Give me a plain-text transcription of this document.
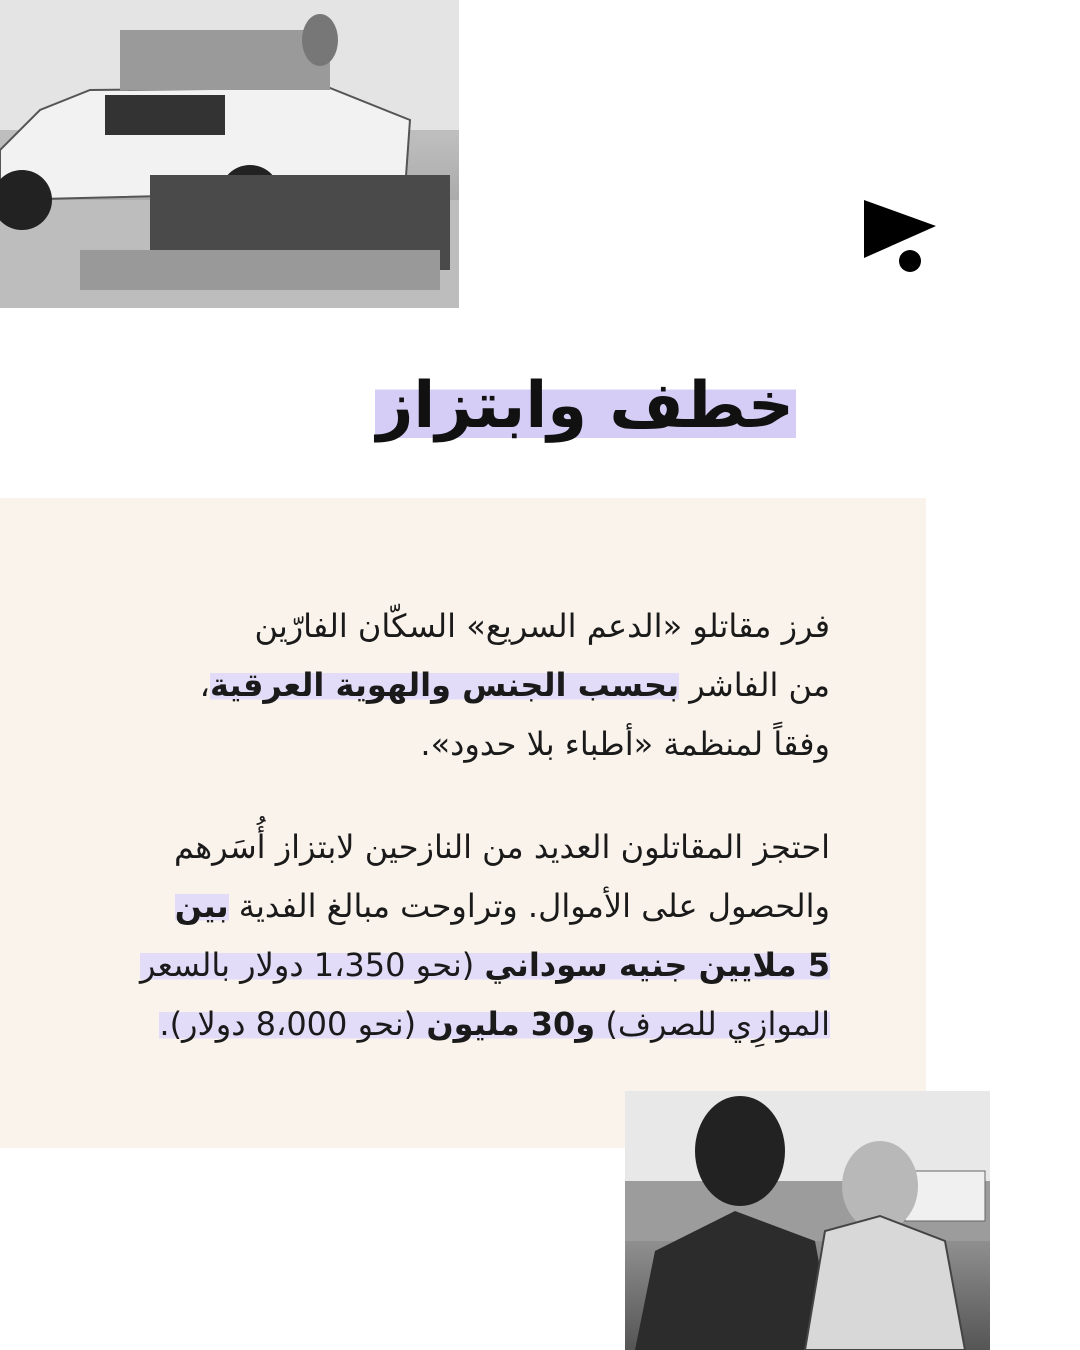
خطف وابتزاز

فرز مقاتلو «الدعم السريع» السكّان الفارّين
من الفاشر بحسب الجنس والهوية العرقية،
وفقاً لمنظمة «أطباء بلا حدود».

احتجز المقاتلون العديد من النازحين لابتزاز أُسَرهم
والحصول على الأموال. وتراوحت مبالغ الفدية بين
5 ملايين جنيه سوداني (نحو 1،350 دولار بالسعر
الموازِي للصرف) و30 مليون (نحو 8،000 دولار).
